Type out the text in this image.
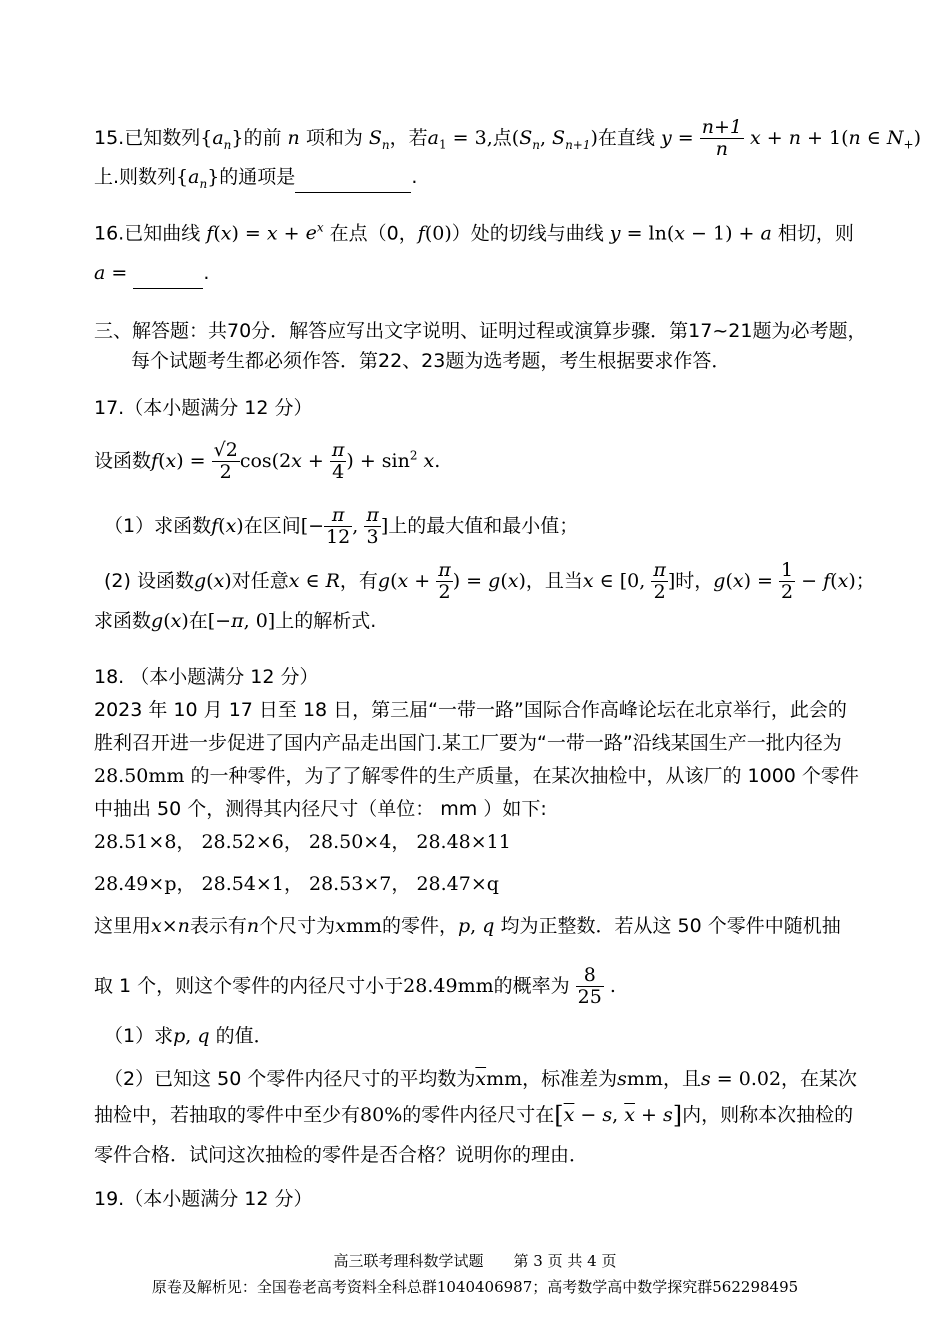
15.已知数列$\{a_n\}$的前 n 项和为 $S_n$，若$a_1 = 3$,点($S_n$, $S_{n+1}$)在直线 $y = \frac{n+1}{n}$ x + n + 1(n ∈ $N_+$)
上.则数列$\{a_n\}$的通项是	.
16.已知曲线 $f(x) = x + e^x$ 在点（0，f(0)）处的切线与曲线 y = ln(x − 1) + a 相切，则
a =	.
三、解答题：共70分．解答应写出文字说明、证明过程或演算步骤．第17~21题为必考题，
每个试题考生都必须作答．第22、23题为选考题，考生根据要求作答．
17.（本小题满分 12 分）
设函数$f(x) = \frac{√2}{2} \cos(2x + \frac{\pi}{4}$ ) + $\sin^2 x$.
（1）求函数f(x)在区间[− $\frac{\pi}{12}$ , $\frac{\pi}{3}$ ]上的最大值和最小值；
(2) 设函数g(x)对任意x ∈ R，有$g(x + \frac{\pi}{2}$ ) = g(x)，且当x ∈ [0, $\frac{\pi}{2}$ ]时，$g(x) = \frac{1}{2} - f(x)$；
求函数g(x)在[−π, 0]上的解析式.
18. （本小题满分 12 分）
2023 年 10 月 17 日至 18 日，第三届“一带一路”国际合作高峰论坛在北京举行，此会的
胜利召开进一步促进了国内产品走出国门.某工厂要为“一带一路”沿线某国生产一批内径为
28.50mm 的一种零件，为了了解零件的生产质量，在某次抽检中，从该厂的 1000 个零件
中抽出 50 个，测得其内径尺寸（单位： mm ）如下:
28.51×8， 28.52×6， 28.50×4， 28.48×11
28.49×p， 28.54×1， 28.53×7， 28.47×q
这里用x×n表示有n个尺寸为xmm的零件，p, q 均为正整数．若从这 50 个零件中随机抽
取 1 个，则这个零件的内径尺寸小于28.49mm的概率为 $\frac{8}{25}$ .
（1）求p, q 的值．
（2）已知这 50 个零件内径尺寸的平均数为$\overline{x}mm$，标准差为smm，且s = 0.02，在某次
抽检中，若抽取的零件中至少有80%的零件内径尺寸在[$\overline{x} - s$, $\overline{x} + s$]内，则称本次抽检的
零件合格．试问这次抽检的零件是否合格？说明你的理由．
19.（本小题满分 12 分）
高三联考理科数学试题　　第 3 页 共 4 页
原卷及解析见：全国卷老高考资料全科总群1040406987；高考数学高中数学探究群562298495
